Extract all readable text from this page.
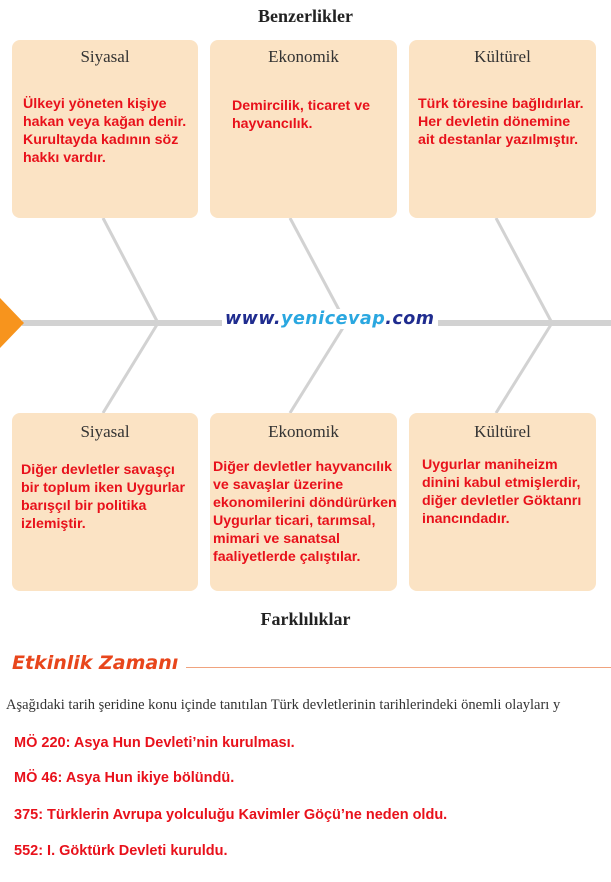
Benzerlikler
Siyasal
Ülkeyi yöneten kişiye
hakan veya kağan denir.
Kurultayda kadının söz
hakkı vardır.
Ekonomik
Demircilik, ticaret ve
hayvancılık.
Kültürel
Türk töresine bağlıdırlar.
Her devletin döneminе
ait destanlar yazılmıştır.
www.yenicevap.com
Siyasal
Diğer devletler savaşçı
bir toplum iken Uygurlar
barışçıl bir politika
izlemiştir.
Ekonomik
Diğer devletler hayvancılık
ve savaşlar üzerine
ekonomilerini döndürürken
Uygurlar ticari, tarımsal,
mimari ve sanatsal
faaliyetlerde çalıştılar.
Kültürel
Uygurlar maniheizm
dinini kabul etmişlerdir,
diğer devletler Göktanrı
inancındadır.
Farklılıklar
Etkinlik Zamanı
Aşağıdaki tarih şeridine konu içinde tanıtılan Türk devletlerinin tarihlerindeki önemli olayları y
MÖ 220: Asya Hun Devleti’nin kurulması.
MÖ 46: Asya Hun ikiye bölündü.
375: Türklerin Avrupa yolculuğu Kavimler Göçü’ne neden oldu.
552: I. Göktürk Devleti kuruldu.
